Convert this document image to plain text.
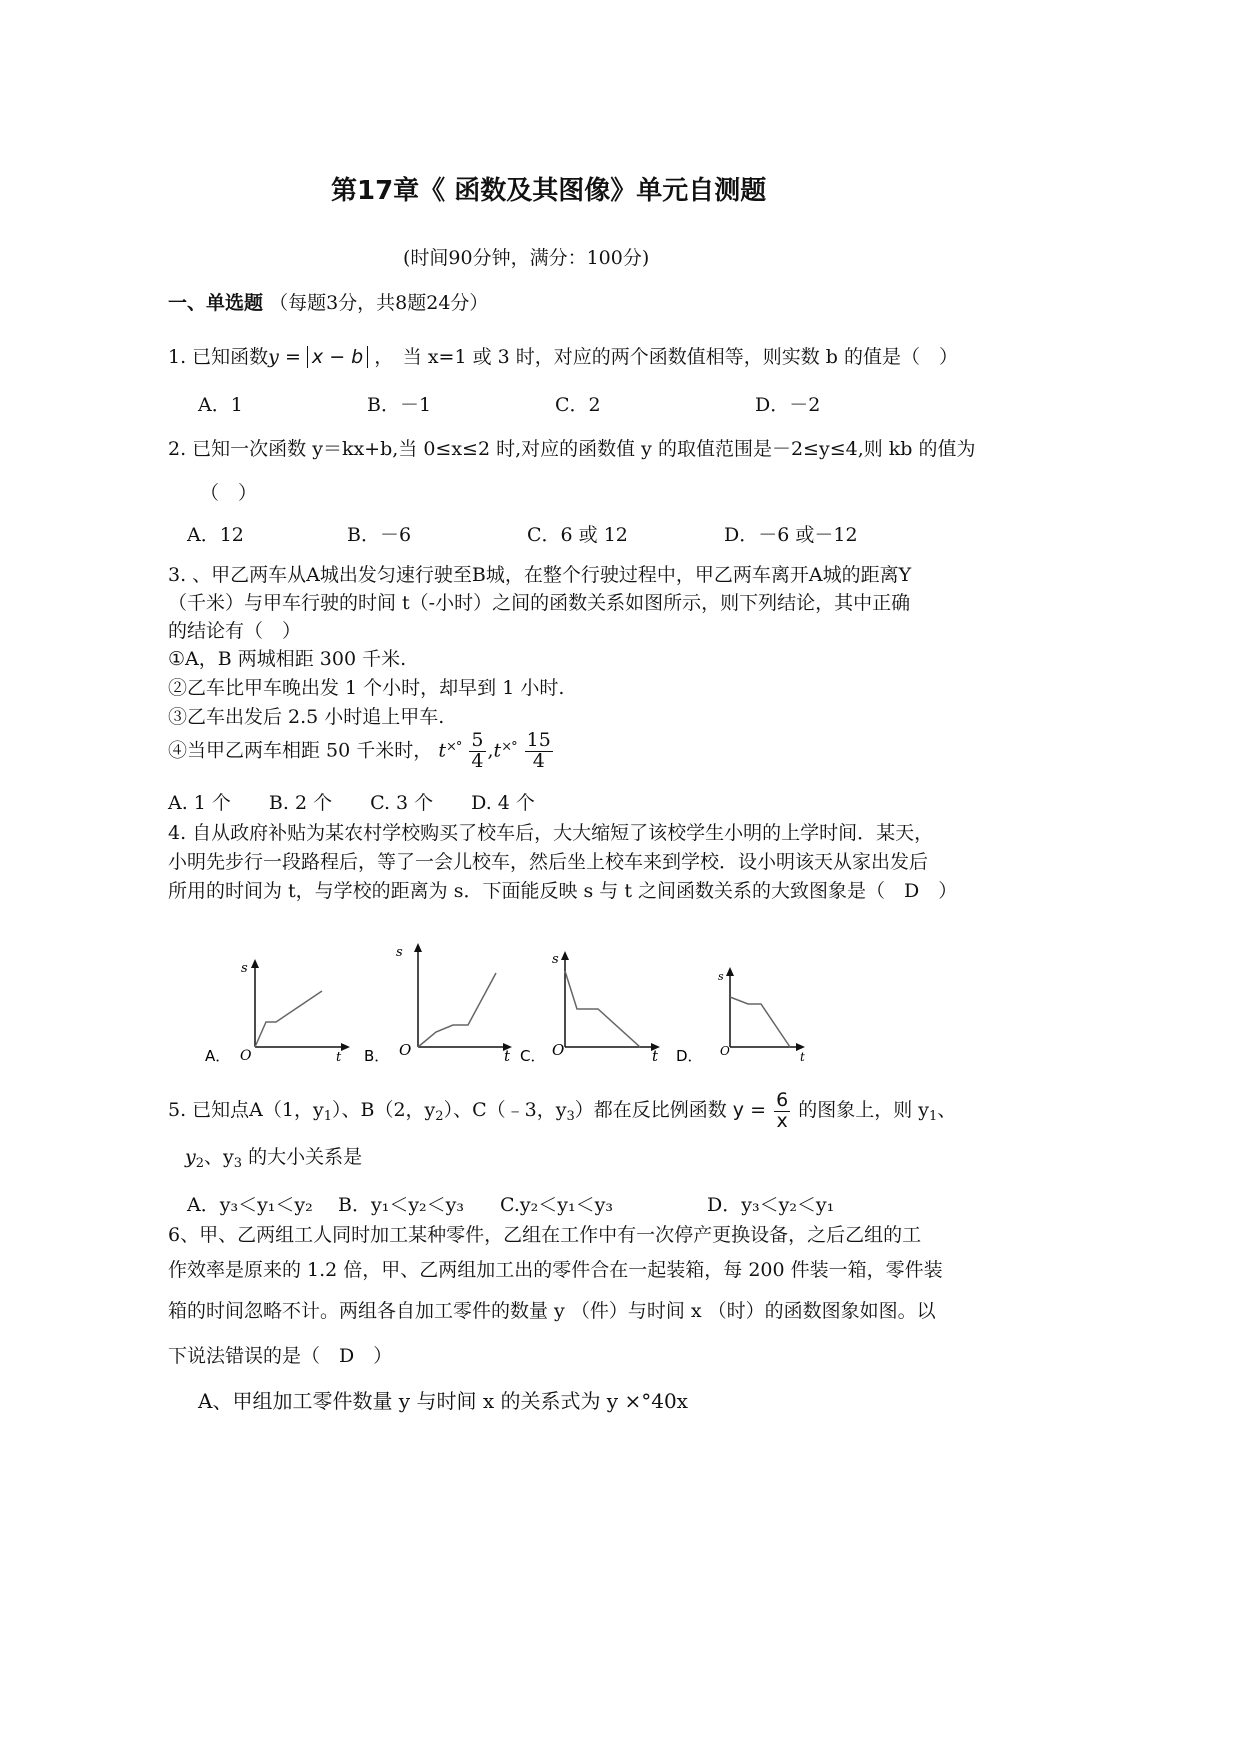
第17章《 函数及其图像》单元自测题
(时间90分钟，满分：100分)
一、单选题 （每题3分，共8题24分）
1. 已知函数y = x − b ，　当 x=1 或 3 时，对应的两个函数值相等，则实数 b 的值是（　）
A．1	B．－1	C．2	D．－2
2. 已知一次函数 y＝kx+b,当 0≤x≤2 时,对应的函数值 y 的取值范围是－2≤y≤4,则 kb 的值为
（　）
A．12	B．－6	C．6 或 12	D．－6 或－12
3. 、甲乙两车从A城出发匀速行驶至B城，在整个行驶过程中，甲乙两车离开A城的距离Y
（千米）与甲车行驶的时间 t（-小时）之间的函数关系如图所示，则下列结论，其中正确
的结论有（　）
①A，B 两城相距 300 千米.
②乙车比甲车晚出发 1 个小时，却早到 1 小时.
③乙车出发后 2.5 小时追上甲车.
④当甲乙两车相距 50 千米时， $t^{\times^\circ} \frac{5}{4} ,t^{\times^\circ} \frac{15}{4}$
A. 1 个　　B. 2 个　　C. 3 个　　D. 4 个
4. 自从政府补贴为某农村学校购买了校车后，大大缩短了该校学生小明的上学时间．某天，
小明先步行一段路程后，等了一会儿校车，然后坐上校车来到学校．设小明该天从家出发后
所用的时间为 t，与学校的距离为 s．下面能反映 s 与 t 之间函数关系的大致图象是（　D　）
s
O	t
A．
s
O	t
B．
s
O	t
C．
s
O	t
D．
5. 已知点A（1，$y_1$）、B（2，$y_2$）、C（﹣3，$y_3$）都在反比例函数 $y = \frac{6}{x}$ 的图象上，则 $y_1$、
$y_2$、$y_3$ 的大小关系是
A．y₃＜y₁＜y₂ B．y₁＜y₂＜y₃ C.y₂＜y₁＜y₃	D．y₃＜y₂＜y₁
6、甲、乙两组工人同时加工某种零件，乙组在工作中有一次停产更换设备，之后乙组的工
作效率是原来的 1.2 倍，甲、乙两组加工出的零件合在一起装箱，每 200 件装一箱，零件装
箱的时间忽略不计。两组各自加工零件的数量 y （件）与时间 x （时）的函数图象如图。以
下说法错误的是（　D　）
A、甲组加工零件数量 y 与时间 x 的关系式为 y ×°40x
